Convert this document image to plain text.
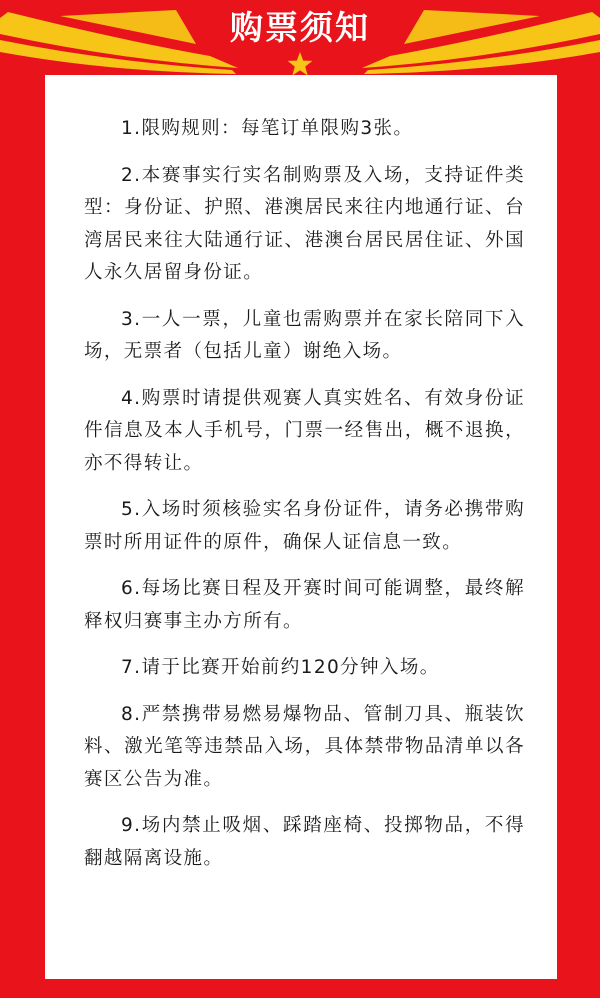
购票须知

1.限购规则：每笔订单限购3张。

2.本赛事实行实名制购票及入场，支持证件类型：身份证、护照、港澳居民来往内地通行证、台湾居民来往大陆通行证、港澳台居民居住证、外国人永久居留身份证。

3.一人一票，儿童也需购票并在家长陪同下入场，无票者（包括儿童）谢绝入场。

4.购票时请提供观赛人真实姓名、有效身份证件信息及本人手机号，门票一经售出，概不退换，亦不得转让。

5.入场时须核验实名身份证件，请务必携带购票时所用证件的原件，确保人证信息一致。

6.每场比赛日程及开赛时间可能调整，最终解释权归赛事主办方所有。

7.请于比赛开始前约120分钟入场。

8.严禁携带易燃易爆物品、管制刀具、瓶装饮料、激光笔等违禁品入场，具体禁带物品清单以各赛区公告为准。

9.场内禁止吸烟、踩踏座椅、投掷物品，不得翻越隔离设施。
